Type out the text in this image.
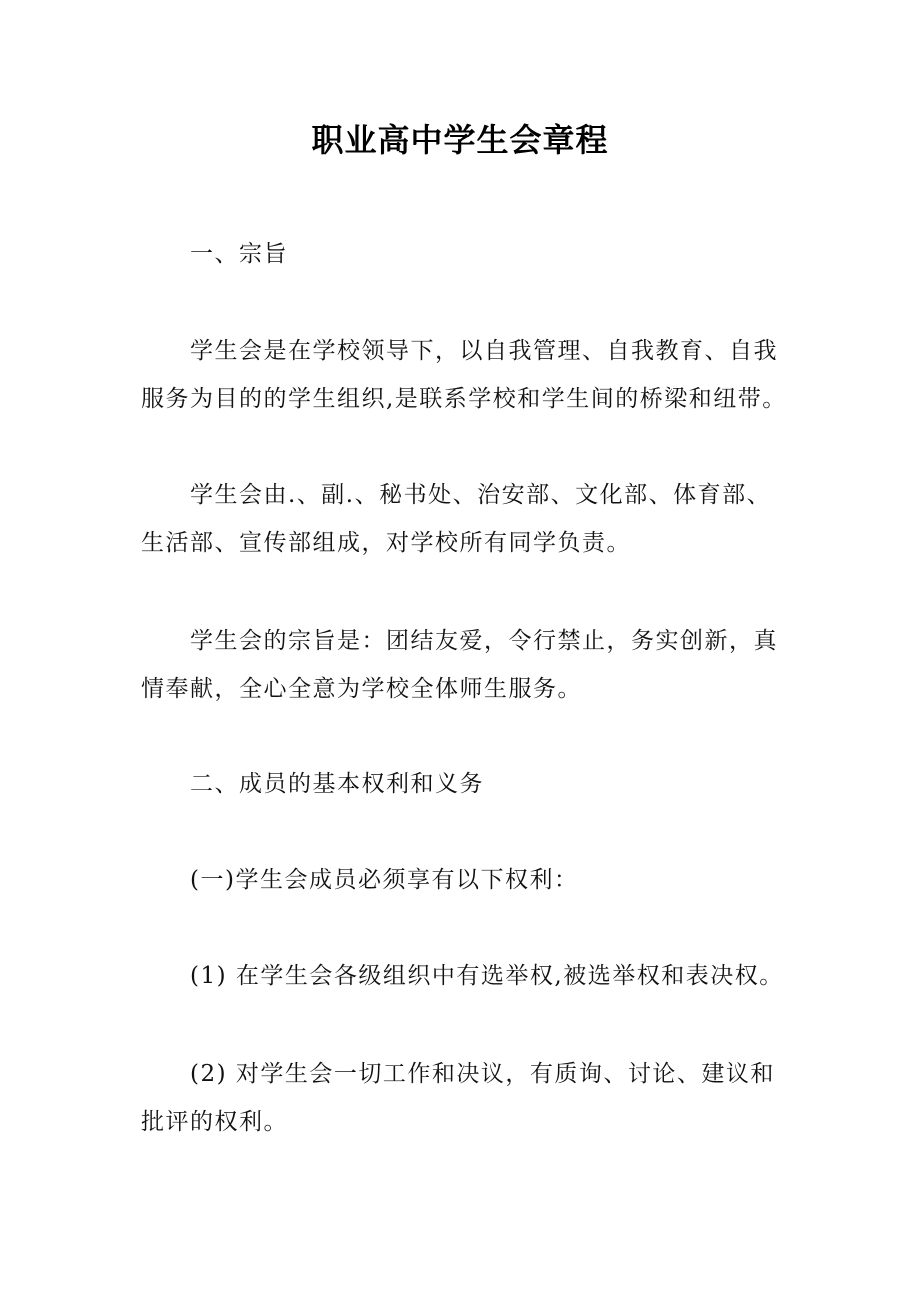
职业高中学生会章程

一、宗旨

学生会是在学校领导下，以自我管理、自我教育、自我服务为目的的学生组织,是联系学校和学生间的桥梁和纽带。

学生会由.、副.、秘书处、治安部、文化部、体育部、生活部、宣传部组成，对学校所有同学负责。

学生会的宗旨是：团结友爱，令行禁止，务实创新，真情奉献，全心全意为学校全体师生服务。

二、成员的基本权利和义务

(一)学生会成员必须享有以下权利：

(1) 在学生会各级组织中有选举权,被选举权和表决权。

(2) 对学生会一切工作和决议，有质询、讨论、建议和批评的权利。
